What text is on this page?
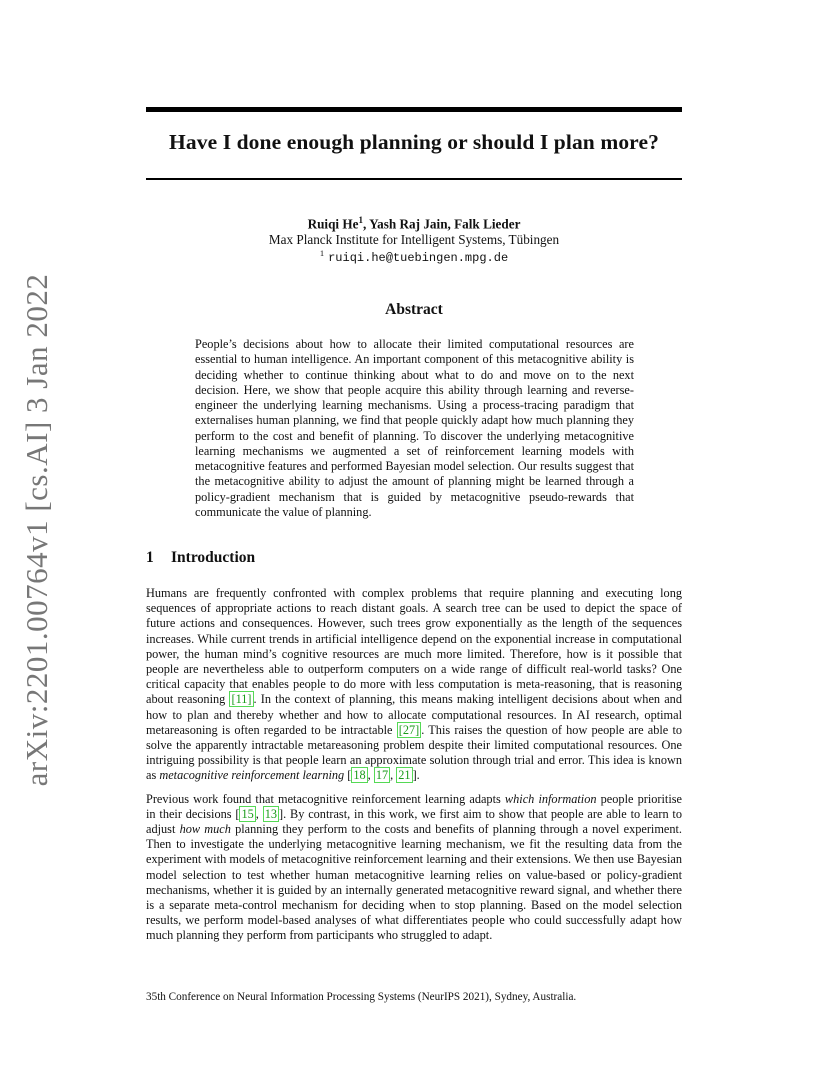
arXiv:2201.00764v1 [cs.AI] 3 Jan 2022
Have I done enough planning or should I plan more?
Ruiqi He$^1$, Yash Raj Jain, Falk Lieder
Max Planck Institute for Intelligent Systems, Tübingen
$^1$ ruiqi.he@tuebingen.mpg.de
Abstract
People’s decisions about how to allocate their limited computational resources are essential to human intelligence. An important component of this metacognitive ability is deciding whether to continue thinking about what to do and move on to the next decision. Here, we show that people acquire this ability through learning and reverse-engineer the underlying learning mechanisms. Using a process-tracing paradigm that externalises human planning, we find that people quickly adapt how much planning they perform to the cost and benefit of planning. To discover the underlying metacognitive learning mechanisms we augmented a set of reinforcement learning models with metacognitive features and performed Bayesian model selection. Our results suggest that the metacognitive ability to adjust the amount of planning might be learned through a policy-gradient mechanism that is guided by metacognitive pseudo-rewards that communicate the value of planning.
1 Introduction

Humans are frequently confronted with complex problems that require planning and executing long sequences of appropriate actions to reach distant goals. A search tree can be used to depict the space of future actions and consequences. However, such trees grow exponentially as the length of the sequences increases. While current trends in artificial intelligence depend on the exponential increase in computational power, the human mind’s cognitive resources are much more limited. Therefore, how is it possible that people are nevertheless able to outperform computers on a wide range of difficult real-world tasks? One critical capacity that enables people to do more with less computation is meta-reasoning, that is reasoning about reasoning [11] . In the context of planning, this means making intelligent decisions about when and how to plan and thereby whether and how to allocate computational resources. In AI research, optimal metareasoning is often regarded to be intractable [27] . This raises the question of how people are able to solve the apparently intractable metareasoning problem despite their limited computational resources. One intriguing possibility is that people learn an approximate solution through trial and error. This idea is known as metacognitive reinforcement learning [ 18 , 17 , 21 ].

Previous work found that metacognitive reinforcement learning adapts which information people prioritise in their decisions [ 15 , 13 ]. By contrast, in this work, we first aim to show that people are able to learn to adjust how much planning they perform to the costs and benefits of planning through a novel experiment. Then to investigate the underlying metacognitive learning mechanism, we fit the resulting data from the experiment with models of metacognitive reinforcement learning and their extensions. We then use Bayesian model selection to test whether human metacognitive learning relies on value-based or policy-gradient mechanisms, whether it is guided by an internally generated metacognitive reward signal, and whether there is a separate meta-control mechanism for deciding when to stop planning. Based on the model selection results, we perform model-based analyses of what differentiates people who could successfully adapt how much planning they perform from participants who struggled to adapt.

35th Conference on Neural Information Processing Systems (NeurIPS 2021), Sydney, Australia.
